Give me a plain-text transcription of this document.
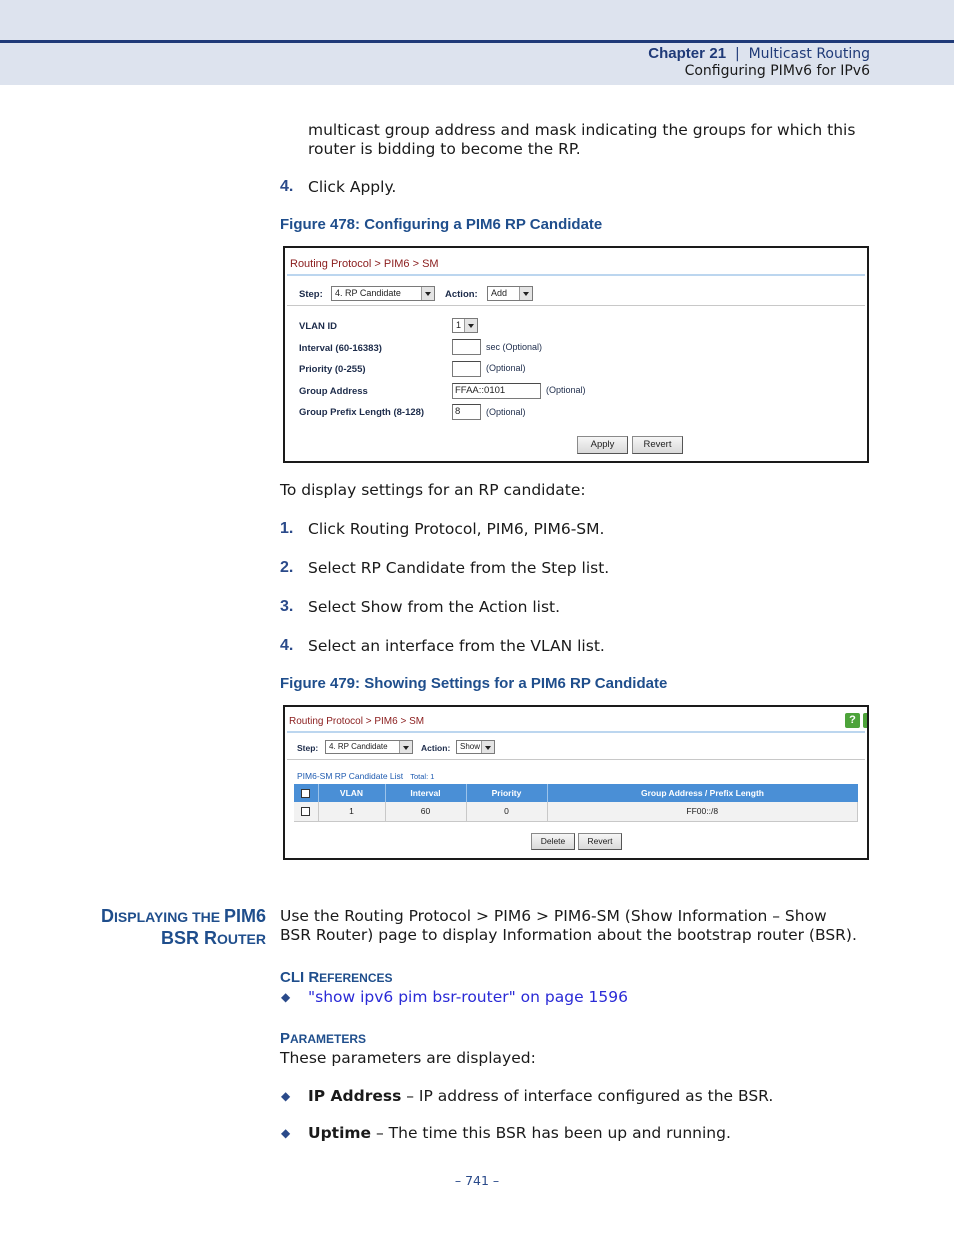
Chapter 21 | Multicast Routing
Configuring PIMv6 for IPv6
multicast group address and mask indicating the groups for which this
router is bidding to become the RP.
4. Click Apply.
Figure 478: Configuring a PIM6 RP Candidate
Routing Protocol > PIM6 > SM
Step:	4. RP Candidate	Action:	Add
VLAN ID	1
Interval (60-16383)	sec (Optional)
Priority (0-255)	(Optional)
Group Address	FFAA::0101	(Optional)
Group Prefix Length (8-128)	8	(Optional)
Apply	Revert
To display settings for an RP candidate:
1. Click Routing Protocol, PIM6, PIM6-SM.
2. Select RP Candidate from the Step list.
3. Select Show from the Action list.
4. Select an interface from the VLAN list.
Figure 479: Showing Settings for a PIM6 RP Candidate
Routing Protocol > PIM6 > SM	?
Step:	4. RP Candidate	Action:	Show
PIM6-SM RP Candidate List Total: 1
	VLAN	Interval	Priority	Group Address / Prefix Length
	1	60	0	FF00::/8
Delete	Revert
DISPLAYING THE PIM6
BSR ROUTER
Use the Routing Protocol > PIM6 > PIM6-SM (Show Information – Show
BSR Router) page to display Information about the bootstrap router (BSR).
CLI REFERENCES
◆ "show ipv6 pim bsr-router" on page 1596
PARAMETERS
These parameters are displayed:
◆ IP Address – IP address of interface configured as the BSR.
◆ Uptime – The time this BSR has been up and running.
– 741 –
